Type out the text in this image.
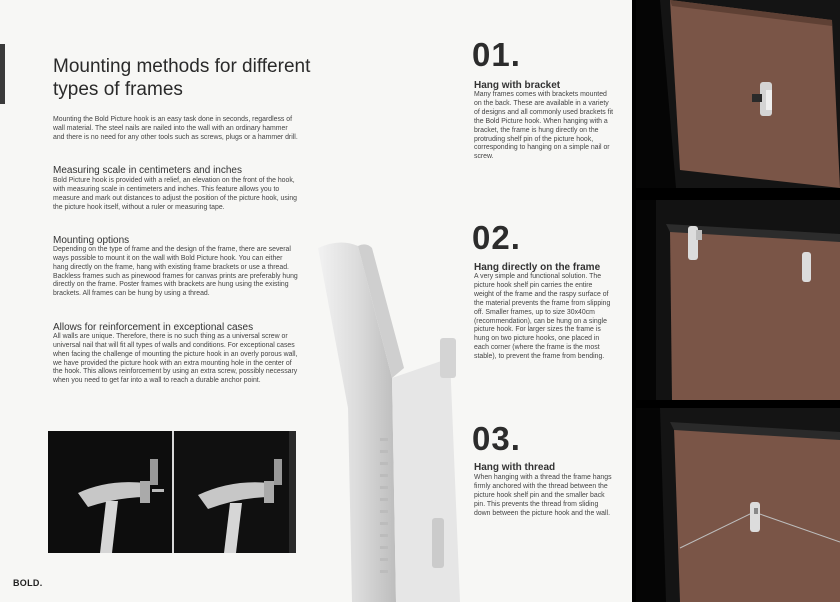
Mounting methods for different types of frames

Mounting the Bold Picture hook is an easy task done in seconds, regardless of wall material. The steel nails are nailed into the wall with an ordinary hammer and there is no need for any other tools such as screws, plugs or a hammer drill.

Measuring scale in centimeters and inches

Bold Picture hook is provided with a relief, an elevation on the front of the hook, with measuring scale in centimeters and inches. This feature allows you to measure and mark out distances to adjust the position of the picture hook, using the picture hook itself, without a ruler or measuring tape.

Mounting options

Depending on the type of frame and the design of the frame, there are several ways possible to mount it on the wall with Bold Picture hook. You can either hang directly on the frame, hang with existing frame brackets or use a thread. Backless frames such as pinewood frames for canvas prints are preferably hung directly on the frame. Poster frames with brackets are hung using the existing brackets. All frames can be hung by using a thread.

Allows for reinforcement in exceptional cases

All walls are unique. Therefore, there is no such thing as a universal screw or universal nail that will fit all types of walls and conditions. For exceptional cases when facing the challenge of mounting the picture hook in an overly porous wall, we have provided the picture hook with an extra mounting hole in the center of the hook. This allows reinforcement by using an extra screw, possibly necessary when you need to get far into a wall to reach a durable anchor point.

01.
Hang with bracket

Many frames comes with brackets mounted on the back. These are available in a variety of designs and all commonly used brackets fit the Bold Picture hook. When hanging with a bracket, the frame is hung directly on the protruding shelf pin of the picture hook, corresponding to hanging on a simple nail or screw.

02.
Hang directly on the frame

A very simple and functional solution. The picture hook shelf pin carries the entire weight of the frame and the raspy surface of the material prevents the frame from slipping off. Smaller frames, up to size 30x40cm (recommendation), can be hung on a single picture hook. For larger sizes the frame is hung on two picture hooks, one placed in each corner (where the frame is the most stable), to prevent the frame from bending.

03.
Hang with thread

When hanging with a thread the frame hangs firmly anchored with the thread between the picture hook shelf pin and the smaller back pin. This prevents the thread from sliding down between the picture hook and the wall.

BOLD.
